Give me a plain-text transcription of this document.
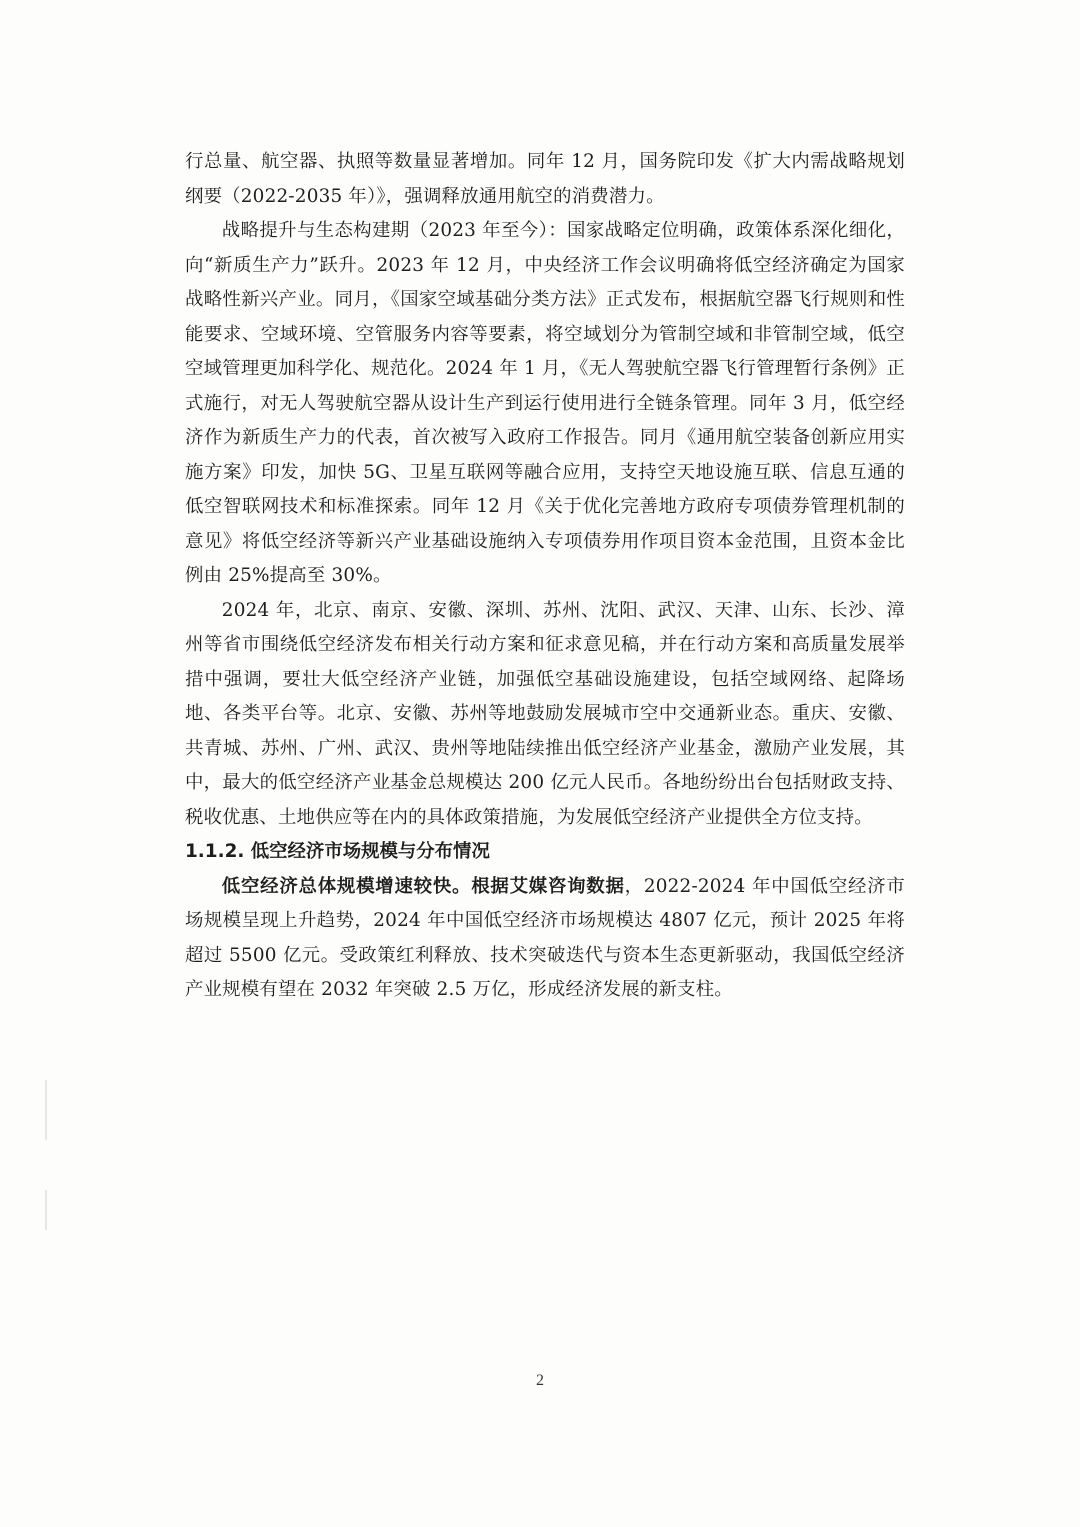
行总量、航空器、执照等数量显著增加。同年 12 月，国务院印发《扩大内需战略规划纲要（2022-2035 年）》，强调释放通用航空的消费潜力。

战略提升与生态构建期（2023 年至今）：国家战略定位明确，政策体系深化细化，向“新质生产力”跃升。2023 年 12 月，中央经济工作会议明确将低空经济确定为国家战略性新兴产业。同月，《国家空域基础分类方法》正式发布，根据航空器飞行规则和性能要求、空域环境、空管服务内容等要素，将空域划分为管制空域和非管制空域，低空空域管理更加科学化、规范化。2024 年 1 月，《无人驾驶航空器飞行管理暂行条例》正式施行，对无人驾驶航空器从设计生产到运行使用进行全链条管理。同年 3 月，低空经济作为新质生产力的代表，首次被写入政府工作报告。同月《通用航空装备创新应用实施方案》印发，加快 5G、卫星互联网等融合应用，支持空天地设施互联、信息互通的低空智联网技术和标准探索。同年 12 月《关于优化完善地方政府专项债券管理机制的意见》将低空经济等新兴产业基础设施纳入专项债券用作项目资本金范围，且资本金比例由 25%提高至 30%。

2024 年，北京、南京、安徽、深圳、苏州、沈阳、武汉、天津、山东、长沙、漳州等省市围绕低空经济发布相关行动方案和征求意见稿，并在行动方案和高质量发展举措中强调，要壮大低空经济产业链，加强低空基础设施建设，包括空域网络、起降场地、各类平台等。北京、安徽、苏州等地鼓励发展城市空中交通新业态。重庆、安徽、共青城、苏州、广州、武汉、贵州等地陆续推出低空经济产业基金，激励产业发展，其中，最大的低空经济产业基金总规模达 200 亿元人民币。各地纷纷出台包括财政支持、税收优惠、土地供应等在内的具体政策措施，为发展低空经济产业提供全方位支持。

1.1.2. 低空经济市场规模与分布情况

低空经济总体规模增速较快。根据艾媒咨询数据，2022-2024 年中国低空经济市场规模呈现上升趋势，2024 年中国低空经济市场规模达 4807 亿元，预计 2025 年将超过 5500 亿元。受政策红利释放、技术突破迭代与资本生态更新驱动，我国低空经济产业规模有望在 2032 年突破 2.5 万亿，形成经济发展的新支柱。

2
